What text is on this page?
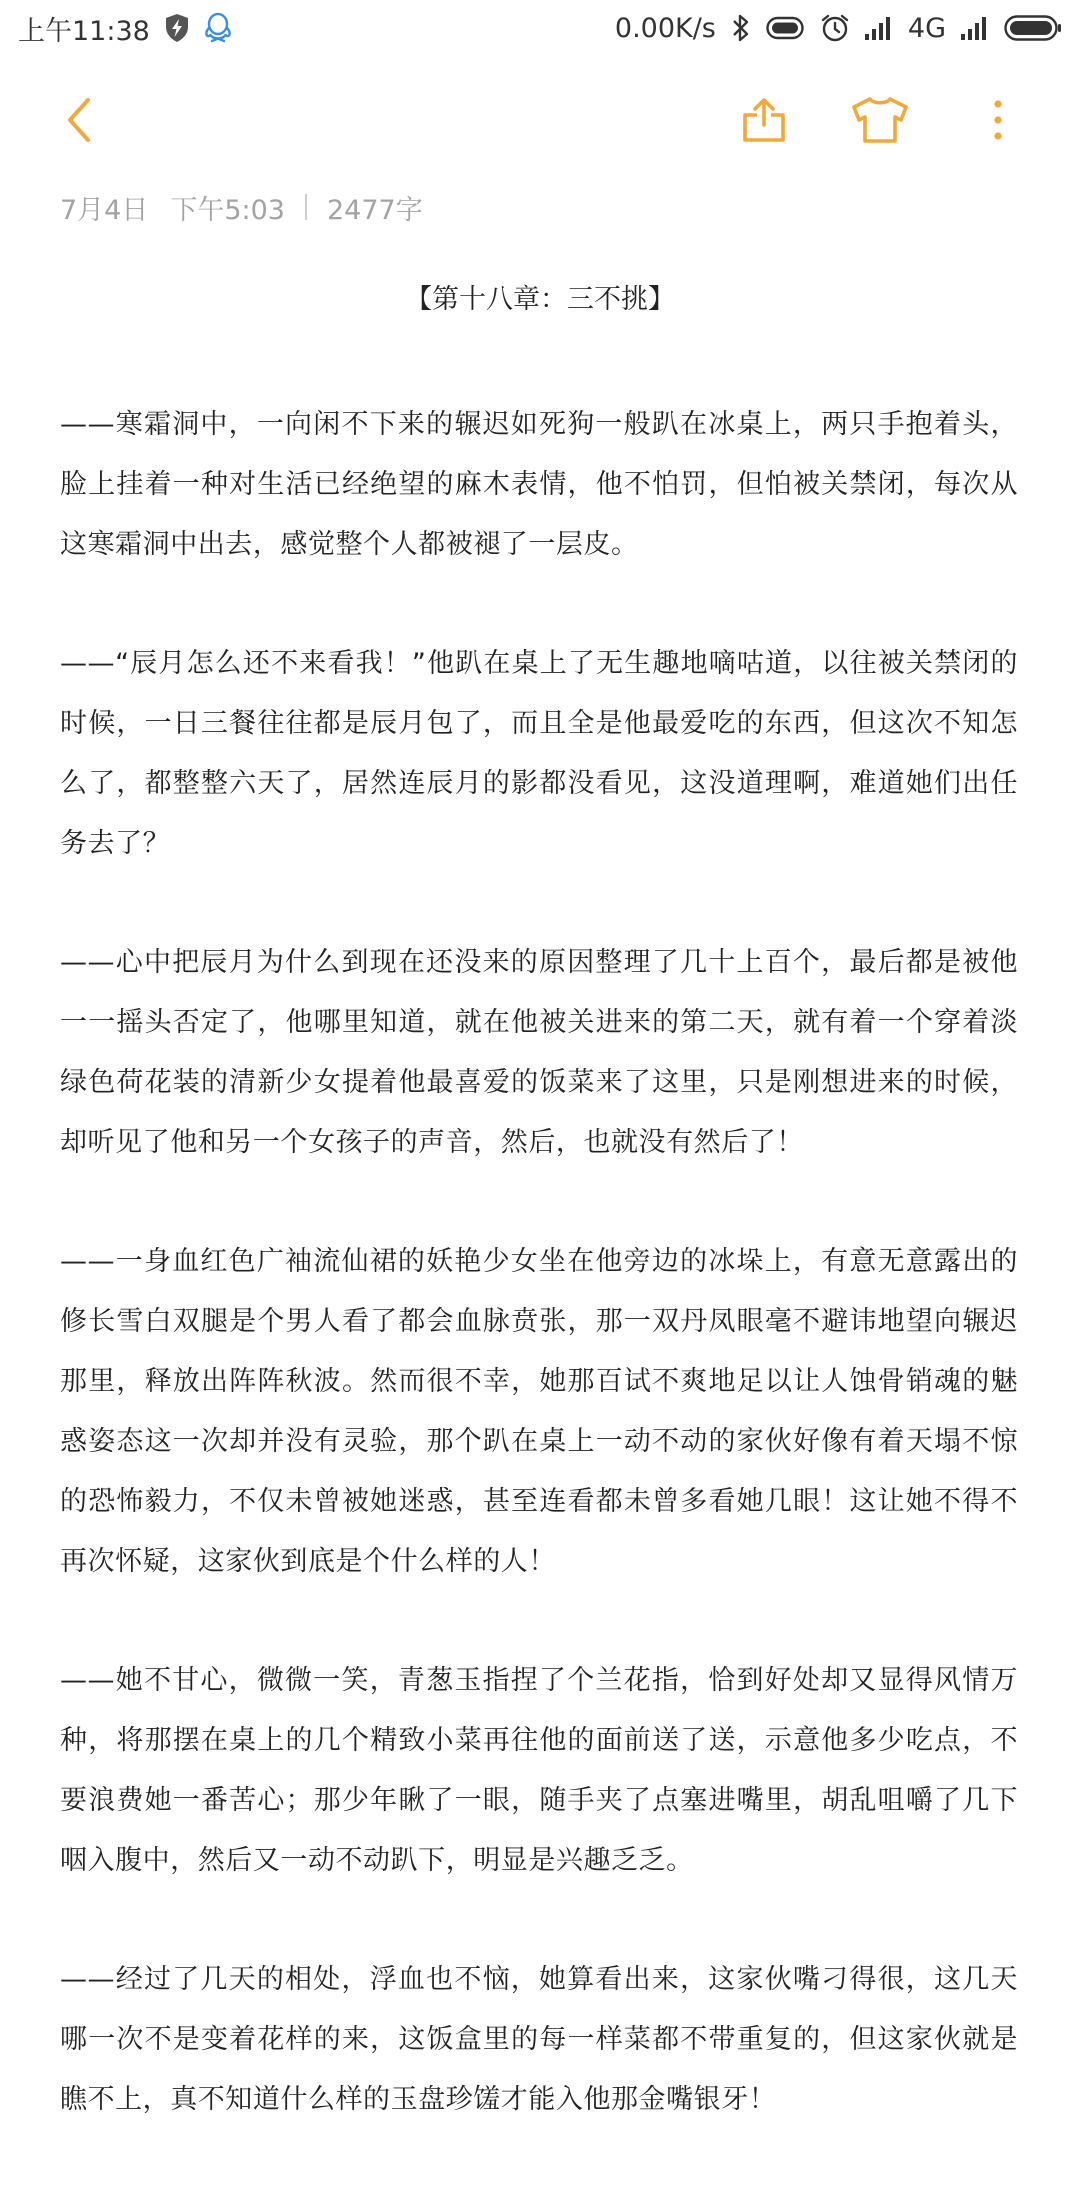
上午11:38	0.00K/s	4G
7月4日 下午5:03 2477字
【第十八章：三不挑】

——寒霜洞中，一向闲不下来的辗迟如死狗一般趴在冰桌上，两只手抱着头，脸上挂着一种对生活已经绝望的麻木表情，他不怕罚，但怕被关禁闭，每次从这寒霜洞中出去，感觉整个人都被褪了一层皮。

——“辰月怎么还不来看我！”他趴在桌上了无生趣地嘀咕道，以往被关禁闭的时候，一日三餐往往都是辰月包了，而且全是他最爱吃的东西，但这次不知怎么了，都整整六天了，居然连辰月的影都没看见，这没道理啊，难道她们出任务去了？

——心中把辰月为什么到现在还没来的原因整理了几十上百个，最后都是被他一一摇头否定了，他哪里知道，就在他被关进来的第二天，就有着一个穿着淡绿色荷花装的清新少女提着他最喜爱的饭菜来了这里，只是刚想进来的时候，却听见了他和另一个女孩子的声音，然后，也就没有然后了！

——一身血红色广袖流仙裙的妖艳少女坐在他旁边的冰垛上，有意无意露出的修长雪白双腿是个男人看了都会血脉贲张，那一双丹凤眼毫不避讳地望向辗迟那里，释放出阵阵秋波。然而很不幸，她那百试不爽地足以让人蚀骨销魂的魅惑姿态这一次却并没有灵验，那个趴在桌上一动不动的家伙好像有着天塌不惊的恐怖毅力，不仅未曾被她迷惑，甚至连看都未曾多看她几眼！这让她不得不再次怀疑，这家伙到底是个什么样的人！

——她不甘心，微微一笑，青葱玉指捏了个兰花指，恰到好处却又显得风情万种，将那摆在桌上的几个精致小菜再往他的面前送了送，示意他多少吃点，不要浪费她一番苦心；那少年瞅了一眼，随手夹了点塞进嘴里，胡乱咀嚼了几下咽入腹中，然后又一动不动趴下，明显是兴趣乏乏。

——经过了几天的相处，浮血也不恼，她算看出来，这家伙嘴刁得很，这几天哪一次不是变着花样的来，这饭盒里的每一样菜都不带重复的，但这家伙就是瞧不上，真不知道什么样的玉盘珍馐才能入他那金嘴银牙！
